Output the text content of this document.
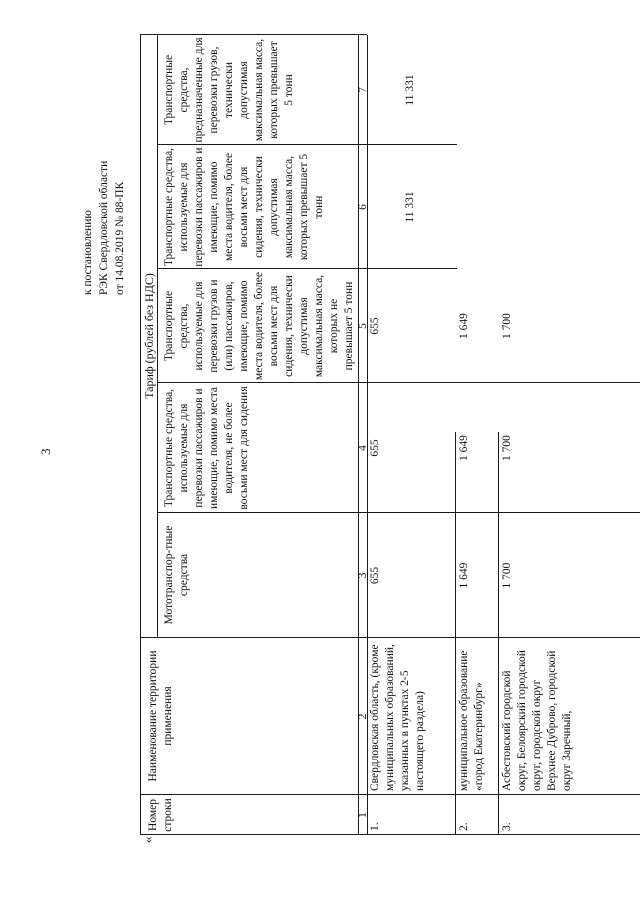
3
к постановлению РЭК Свердловской области от 14.08.2019 № 88-ПК
«
Номер строки
Наименование территории применения
Тариф (рублей без НДС)
Мототранспор-тные средства
Транспортные средства, используемые для перевозки пассажиров и имеющие, помимо места водителя, не более восьми мест для сидения
Транспортные средства, используемые для перевозки грузов и (или) пассажиров, имеющие, помимо места водителя, более восьми мест для сидения, технически допустимая максимальная масса, которых не превышает 5 тонн
Транспортные средства, используемые для перевозки пассажиров и имеющие, помимо места водителя, более восьми мест для сидения, технически допустимая максимальная масса, которых превышает 5 тонн
Транспортные средства, предназначенные для перевозки грузов, технически допустимая максимальная масса, которых превышает 5 тонн
1
2
3
4
5
6
7
1.
Свердловская область, (кроме муниципальных образований, указанных в пунктах 2-5 настоящего раздела)
655
655
655
2.
муниципальное образование «город Екатеринбург»
1 649
1 649
1 649
3.
Асбестовский городской округ, Белоярский городской округ, городской округ Верхнее Дуброво, городской округ Заречный,
1 700
1 700
1 700
11 331
11 331
